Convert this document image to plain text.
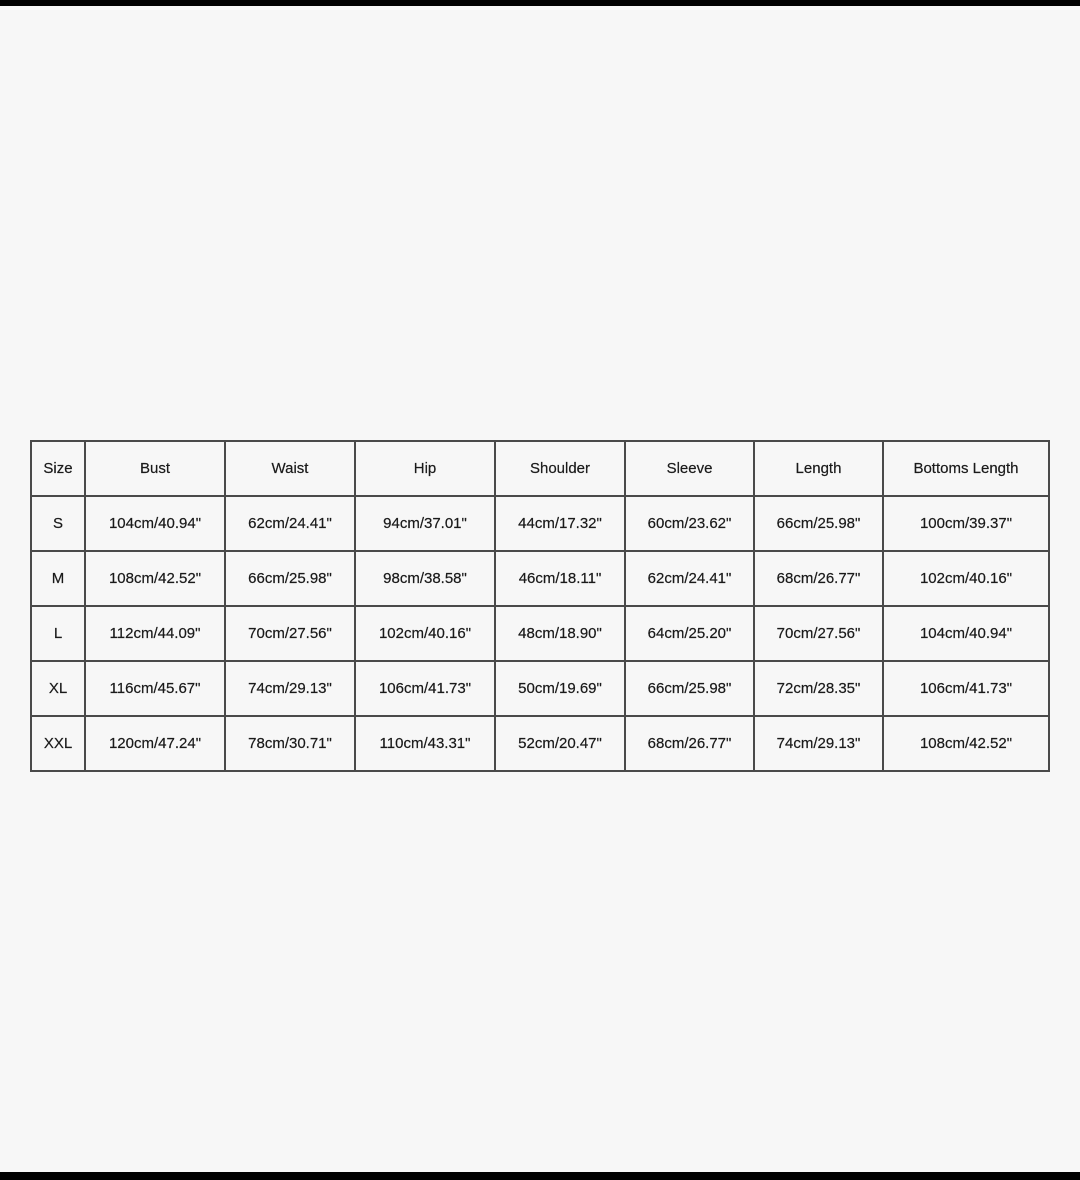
Size	Bust	Waist	Hip	Shoulder	Sleeve	Length	Bottoms Length
S	104cm/40.94"	62cm/24.41"	94cm/37.01"	44cm/17.32"	60cm/23.62"	66cm/25.98"	100cm/39.37"
M	108cm/42.52"	66cm/25.98"	98cm/38.58"	46cm/18.11"	62cm/24.41"	68cm/26.77"	102cm/40.16"
L	112cm/44.09"	70cm/27.56"	102cm/40.16"	48cm/18.90"	64cm/25.20"	70cm/27.56"	104cm/40.94"
XL	116cm/45.67"	74cm/29.13"	106cm/41.73"	50cm/19.69"	66cm/25.98"	72cm/28.35"	106cm/41.73"
XXL	120cm/47.24"	78cm/30.71"	110cm/43.31"	52cm/20.47"	68cm/26.77"	74cm/29.13"	108cm/42.52"
